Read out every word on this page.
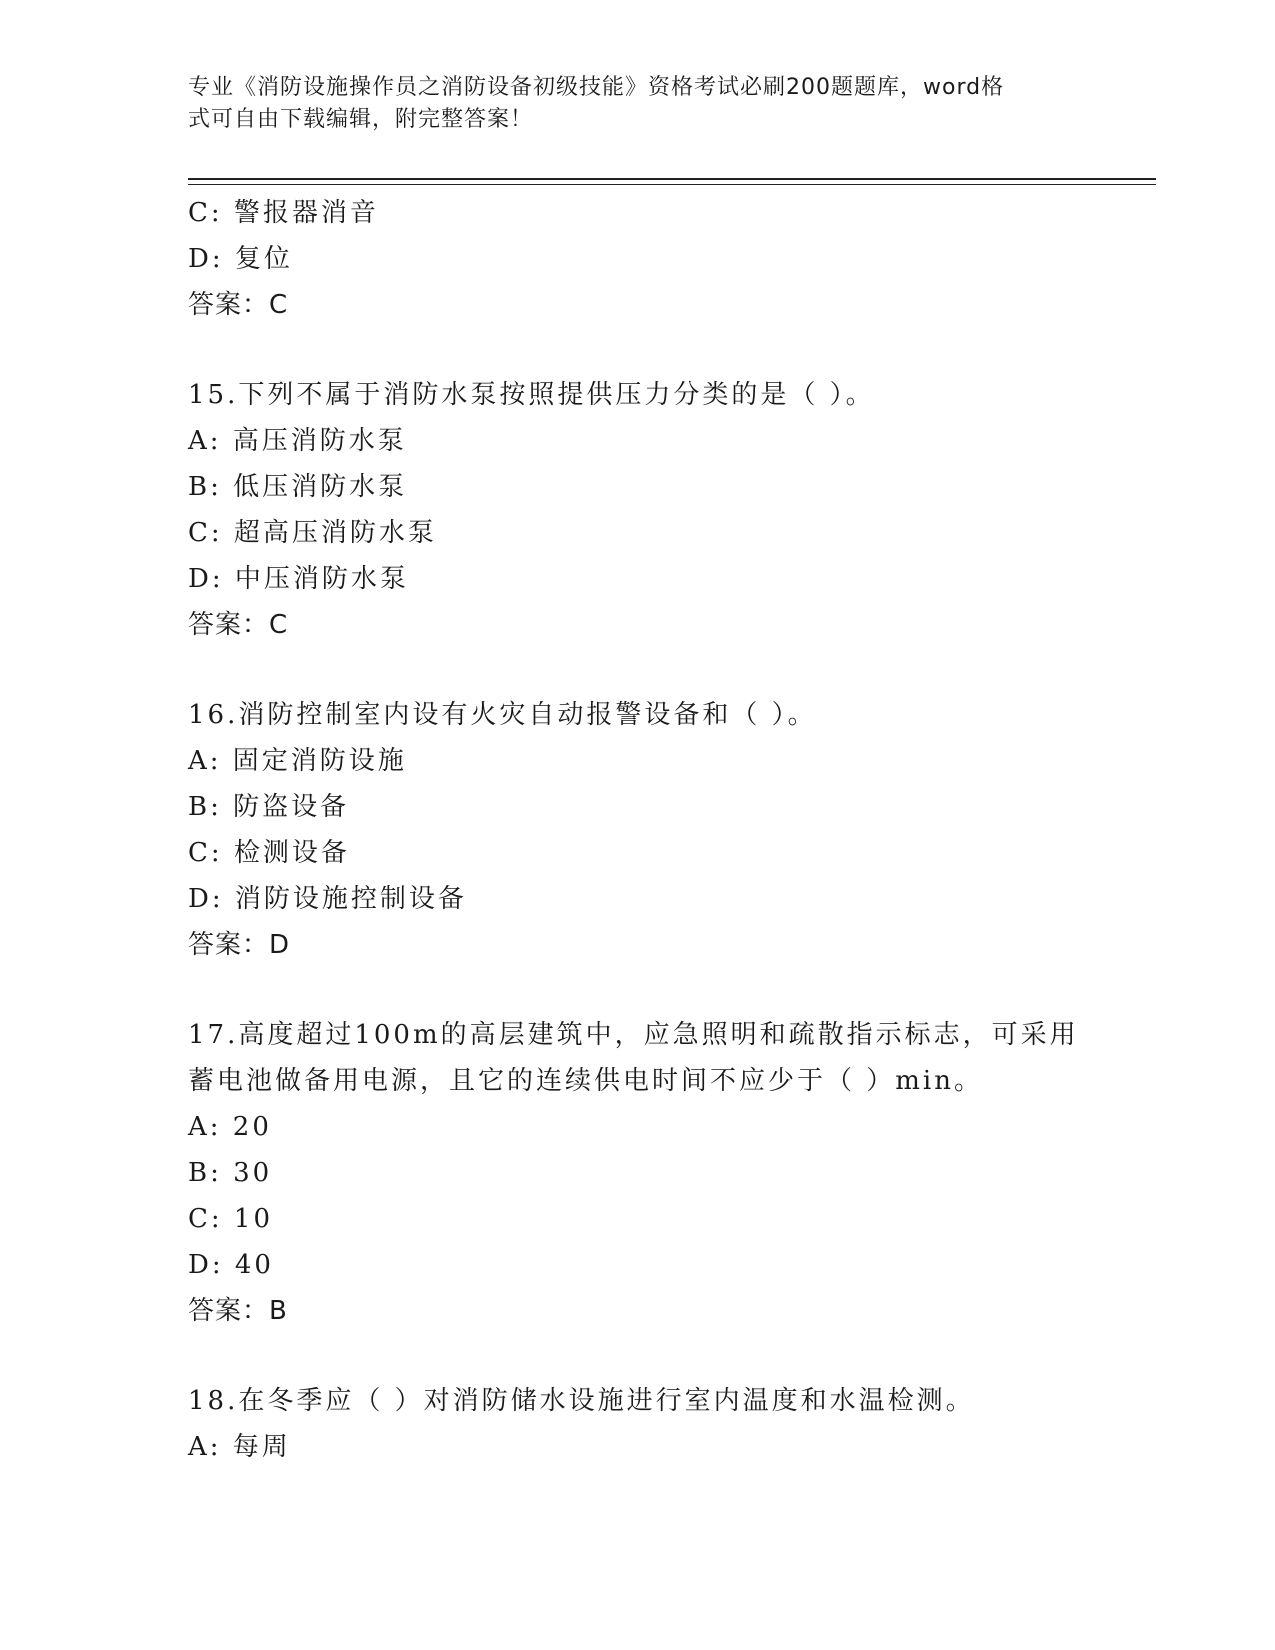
专业《消防设施操作员之消防设备初级技能》资格考试必刷200题题库，word格
式可自由下载编辑，附完整答案！
C: 警报器消音
D: 复位
答案：C
15.下列不属于消防水泵按照提供压力分类的是（ ）。
A: 高压消防水泵
B: 低压消防水泵
C: 超高压消防水泵
D: 中压消防水泵
答案：C
16.消防控制室内设有火灾自动报警设备和（ ）。
A: 固定消防设施
B: 防盗设备
C: 检测设备
D: 消防设施控制设备
答案：D
17.高度超过100m的高层建筑中，应急照明和疏散指示标志，可采用
蓄电池做备用电源，且它的连续供电时间不应少于（ ）min。
A: 20
B: 30
C: 10
D: 40
答案：B
18.在冬季应（ ）对消防储水设施进行室内温度和水温检测。
A: 每周
